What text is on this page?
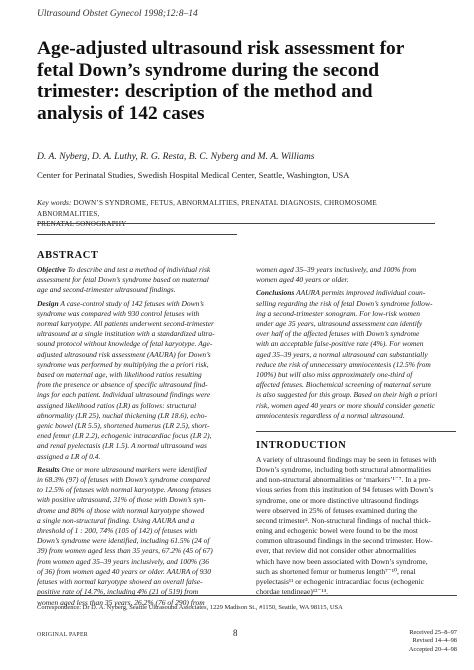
Ultrasound Obstet Gynecol 1998;12:8–14
Age-adjusted ultrasound risk assessment for
fetal Down’s syndrome during the second
trimester: description of the method and
analysis of 142 cases
D. A. Nyberg, D. A. Luthy, R. G. Resta, B. C. Nyberg and M. A. Williams
Center for Perinatal Studies, Swedish Hospital Medical Center, Seattle, Washington, USA
Key words: DOWN’S SYNDROME, FETUS, ABNORMALITIES, PRENATAL DIAGNOSIS, CHROMOSOME ABNORMALITIES,
PRENATAL SONOGRAPHY
ABSTRACT
Objective To describe and test a method of individual risk
assessment for fetal Down’s syndrome based on maternal
age and second-trimester ultrasound findings.
Design A case-control study of 142 fetuses with Down’s
syndrome was compared with 930 control fetuses with
normal karyotype. All patients underwent second-trimester
ultrasound at a single institution with a standardized ultra-
sound protocol without knowledge of fetal karyotype. Age-
adjusted ultrasound risk assessment (AAURA) for Down’s
syndrome was performed by multiplying the a priori risk,
based on maternal age, with likelihood ratios resulting
from the presence or absence of specific ultrasound find-
ings for each patient. Individual ultrasound findings were
assigned likelihood ratios (LR) as follows: structural
abnormality (LR 25), nuchal thickening (LR 18.6), echo-
genic bowel (LR 5.5), shortened humerus (LR 2.5), short-
ened femur (LR 2.2), echogenic intracardiac focus (LR 2),
and renal pyelectasis (LR 1.5). A normal ultrasound was
assigned a LR of 0.4.
Results One or more ultrasound markers were identified
in 68.3% (97) of fetuses with Down’s syndrome compared
to 12.5% of fetuses with normal karyotype. Among fetuses
with positive ultrasound, 31% of those with Down’s syn-
drome and 80% of those with normal karyotype showed
a single non-structural finding. Using AAURA and a
threshold of 1 : 200, 74% (105 of 142) of fetuses with
Down’s syndrome were identified, including 61.5% (24 of
39) from women aged less than 35 years, 67.2% (45 of 67)
from women aged 35–39 years inclusively, and 100% (36
of 36) from women aged 40 years or older. AAURA of 930
fetuses with normal karyotype showed an overall false-
positive rate of 14.7%, including 4% (21 of 519) from
women aged less than 35 years, 26.2% (76 of 290) from
women aged 35–39 years inclusively, and 100% from
women aged 40 years or older.
Conclusions AAURA permits improved individual coun-
selling regarding the risk of fetal Down’s syndrome follow-
ing a second-trimester sonogram. For low-risk women
under age 35 years, ultrasound assessment can identify
over half of the affected fetuses with Down’s syndrome
with an acceptable false-positive rate (4%). For women
aged 35–39 years, a normal ultrasound can substantially
reduce the risk of unnecessary amniocentesis (12.5% from
100%) but will also miss approximately one-third of
affected fetuses. Biochemical screening of maternal serum
is also suggested for this group. Based on their high a priori
risk, women aged 40 years or more should consider genetic
amniocentesis regardless of a normal ultrasound.
INTRODUCTION
A variety of ultrasound findings may be seen in fetuses with
Down’s syndrome, including both structural abnormalities
and non-structural abnormalities or ‘markers’¹⁻⁷. In a pre-
vious series from this institution of 94 fetuses with Down’s
syndrome, one or more distinctive ultrasound findings
were observed in 25% of fetuses examined during the
second trimester². Non-structural findings of nuchal thick-
ening and echogenic bowel were found to be the most
common ultrasound findings in the second trimester. How-
ever, that review did not consider other abnormalities
which have now been associated with Down’s syndrome,
such as shortened femur or humerus length⁷⁻¹⁰, renal
pyelectasis¹¹ or echogenic intracardiac focus (echogenic
chordae tendineae)¹²⁻¹⁴.
Correspondence: Dr D. A. Nyberg, Seattle Ultrasound Associates, 1229 Madison St., #1150, Seattle, WA 98115, USA
ORIGINAL PAPER	8	Received 25–8–97
Revised 14–4–98
Accepted 20–4–98
